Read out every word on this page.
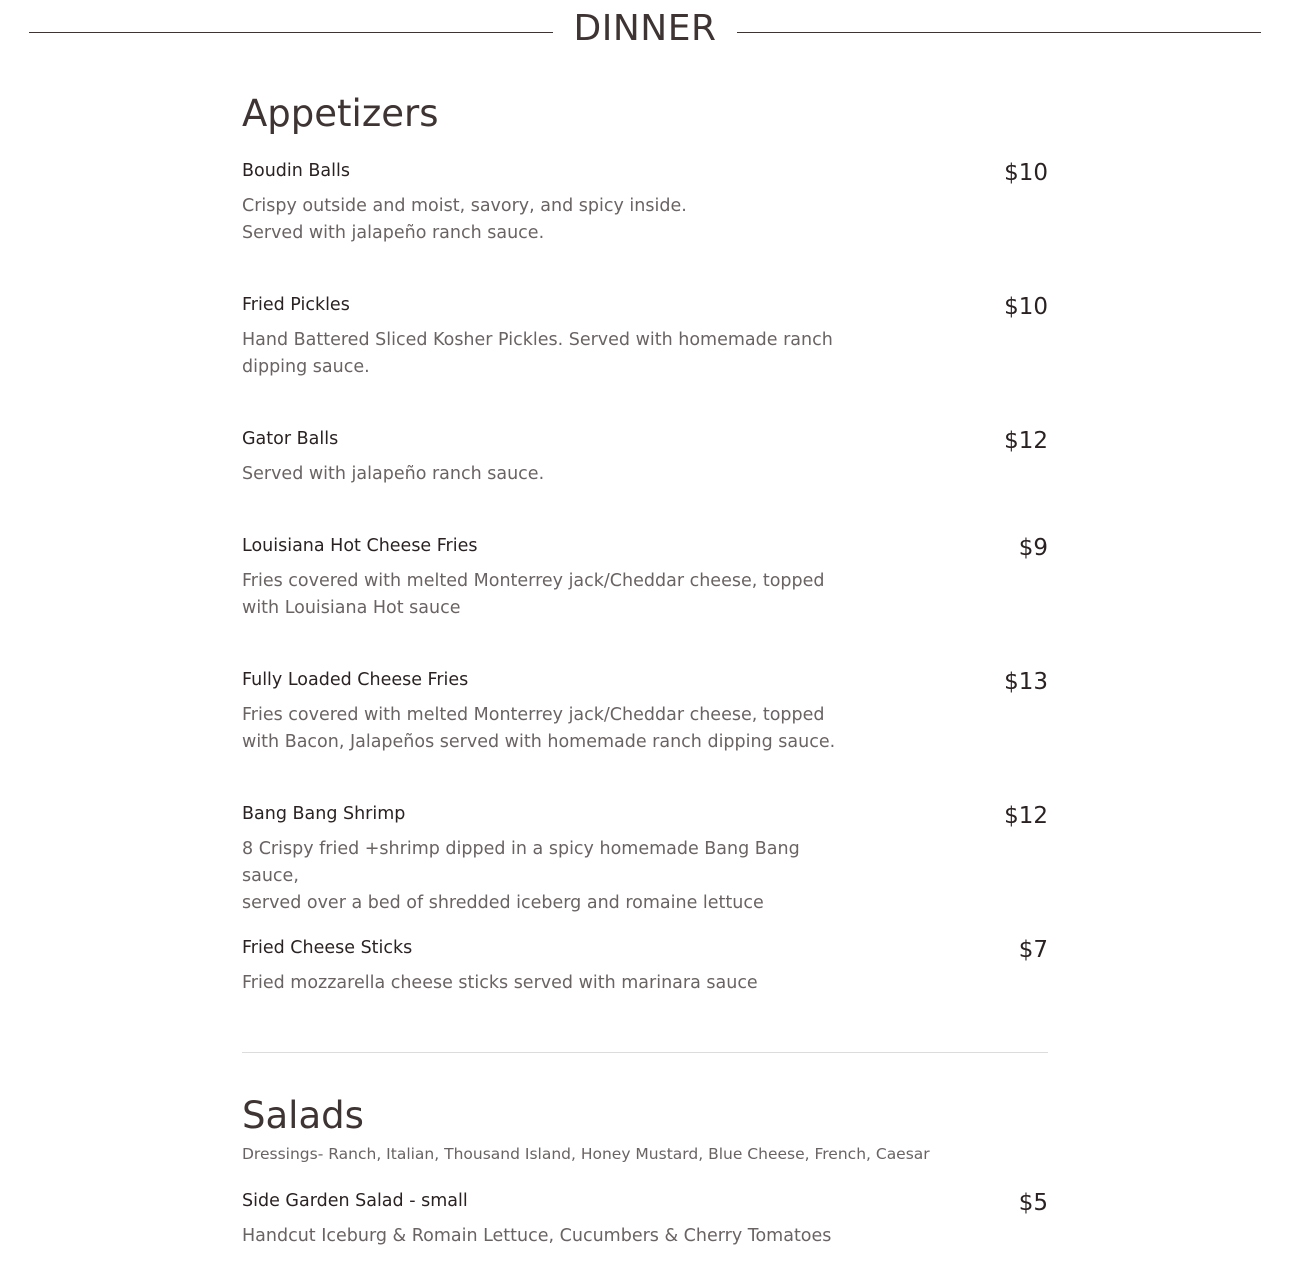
DINNER
Appetizers
Boudin Balls	$10
Crispy outside and moist, savory, and spicy inside.
Served with jalapeño ranch sauce.
Fried Pickles	$10
Hand Battered Sliced Kosher Pickles. Served with homemade ranch
dipping sauce.
Gator Balls	$12
Served with jalapeño ranch sauce.
Louisiana Hot Cheese Fries	$9
Fries covered with melted Monterrey jack/Cheddar cheese, topped
with Louisiana Hot sauce
Fully Loaded Cheese Fries	$13
Fries covered with melted Monterrey jack/Cheddar cheese, topped
with Bacon, Jalapeños served with homemade ranch dipping sauce.
Bang Bang Shrimp	$12
8 Crispy fried +shrimp dipped in a spicy homemade Bang Bang sauce,
served over a bed of shredded iceberg and romaine lettuce
Fried Cheese Sticks	$7
Fried mozzarella cheese sticks served with marinara sauce
Salads

Dressings- Ranch, Italian, Thousand Island, Honey Mustard, Blue Cheese, French, Caesar

Side Garden Salad - small	$5
Handcut Iceburg & Romain Lettuce, Cucumbers & Cherry Tomatoes
